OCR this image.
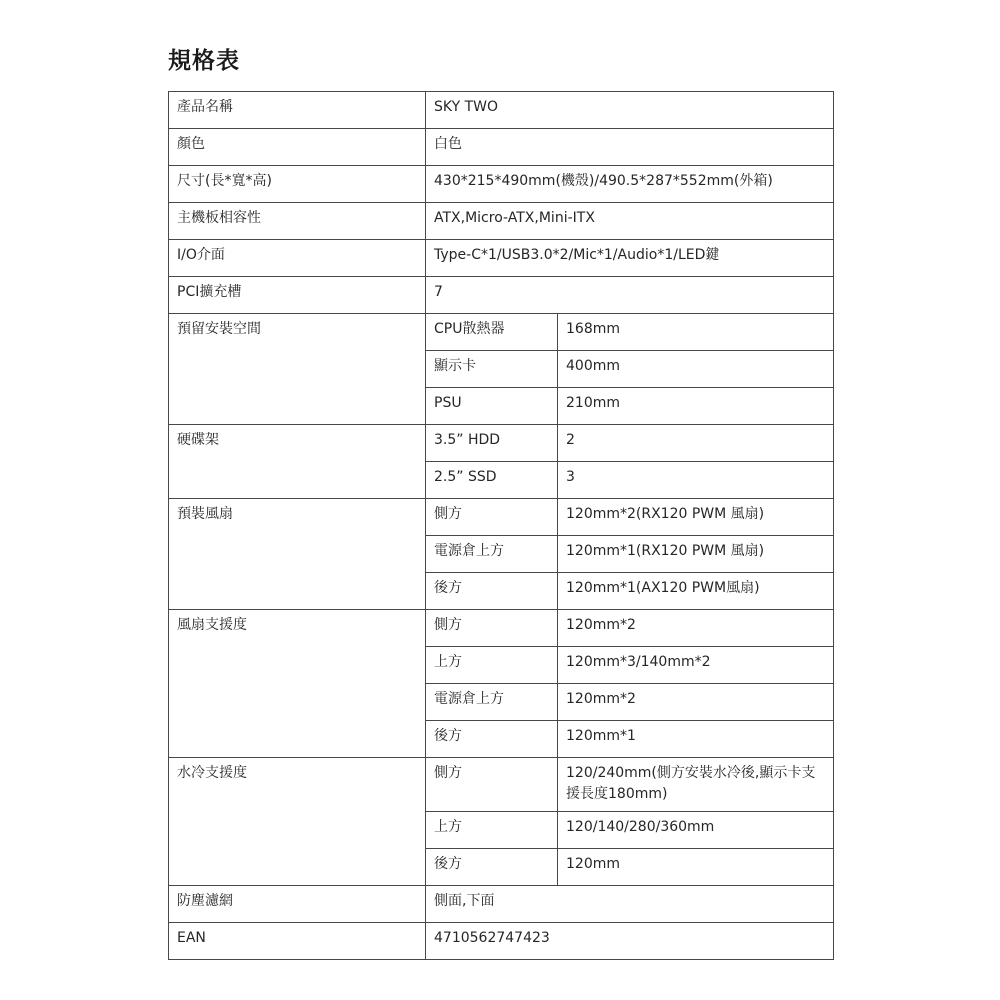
規格表
產品名稱	SKY TWO	
顏色	白色	
尺寸(長*寬*高)	430*215*490mm(機殼)/490.5*287*552mm(外箱)	
主機板相容性	ATX,Micro-ATX,Mini-ITX	
I/O介面	Type-C*1/USB3.0*2/Mic*1/Audio*1/LED鍵	
PCI擴充槽	7	
預留安裝空間	CPU散熱器	168mm
	顯示卡	400mm
	PSU	210mm
硬碟架	3.5” HDD	2
	2.5” SSD	3
預裝風扇	側方	120mm*2(RX120 PWM 風扇)
	電源倉上方	120mm*1(RX120 PWM 風扇)
	後方	120mm*1(AX120 PWM風扇)
風扇支援度	側方	120mm*2
	上方	120mm*3/140mm*2
	電源倉上方	120mm*2
	後方	120mm*1
水冷支援度	側方	120/240mm(側方安裝水冷後,顯示卡支援長度180mm)
	上方	120/140/280/360mm
	後方	120mm
防塵濾網	側面,下面	
EAN	4710562747423	
